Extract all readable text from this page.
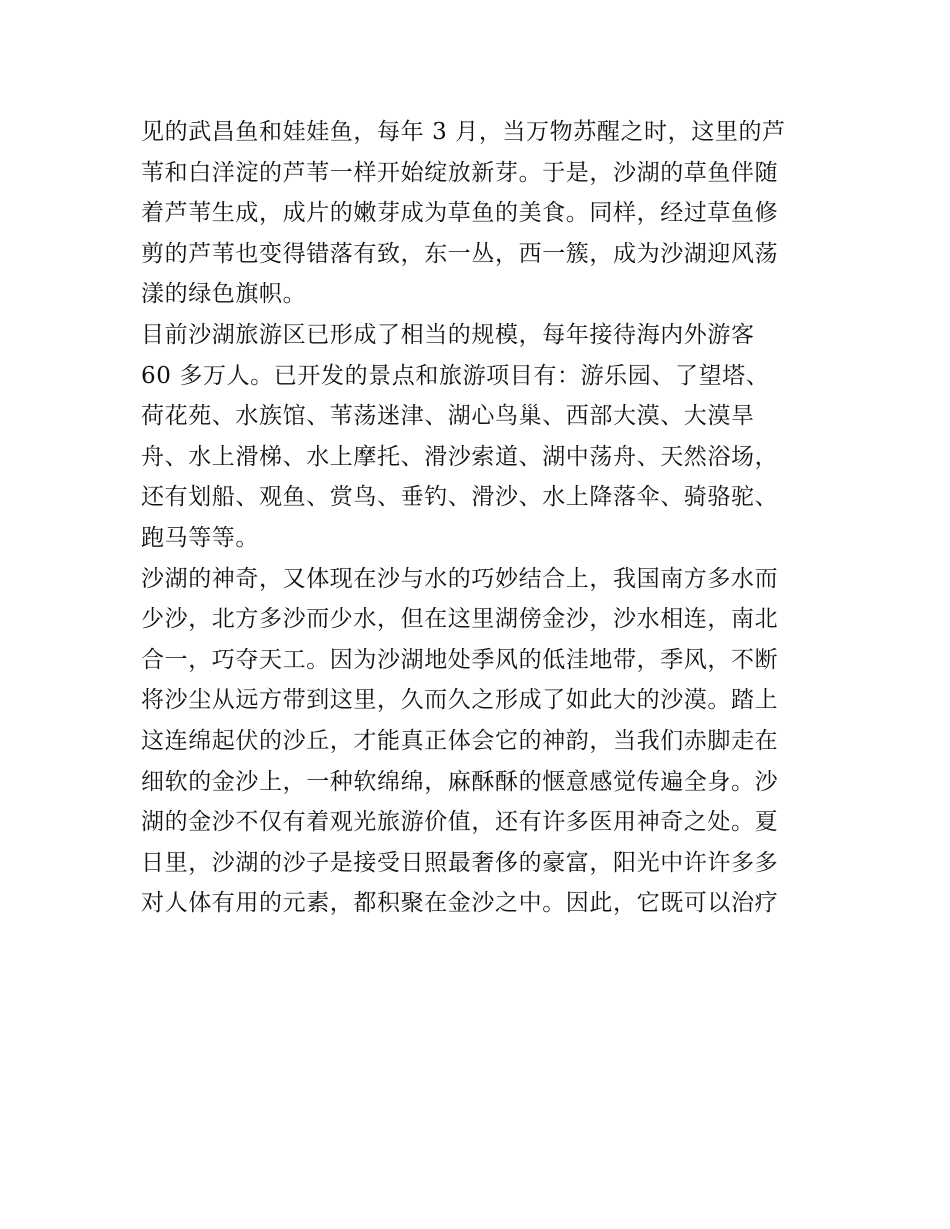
见的武昌鱼和娃娃鱼，每年 3 月，当万物苏醒之时，这里的芦
苇和白洋淀的芦苇一样开始绽放新芽。于是，沙湖的草鱼伴随
着芦苇生成，成片的嫩芽成为草鱼的美食。同样，经过草鱼修
剪的芦苇也变得错落有致，东一丛，西一簇，成为沙湖迎风荡
漾的绿色旗帜。
目前沙湖旅游区已形成了相当的规模，每年接待海内外游客
60 多万人。已开发的景点和旅游项目有：游乐园、了望塔、
荷花苑、水族馆、苇荡迷津、湖心鸟巢、西部大漠、大漠旱
舟、水上滑梯、水上摩托、滑沙索道、湖中荡舟、天然浴场，
还有划船、观鱼、赏鸟、垂钓、滑沙、水上降落伞、骑骆驼、
跑马等等。
沙湖的神奇，又体现在沙与水的巧妙结合上，我国南方多水而
少沙，北方多沙而少水，但在这里湖傍金沙，沙水相连，南北
合一，巧夺天工。因为沙湖地处季风的低洼地带，季风，不断
将沙尘从远方带到这里，久而久之形成了如此大的沙漠。踏上
这连绵起伏的沙丘，才能真正体会它的神韵，当我们赤脚走在
细软的金沙上，一种软绵绵，麻酥酥的惬意感觉传遍全身。沙
湖的金沙不仅有着观光旅游价值，还有许多医用神奇之处。夏
日里，沙湖的沙子是接受日照最奢侈的豪富，阳光中许许多多
对人体有用的元素，都积聚在金沙之中。因此，它既可以治疗
